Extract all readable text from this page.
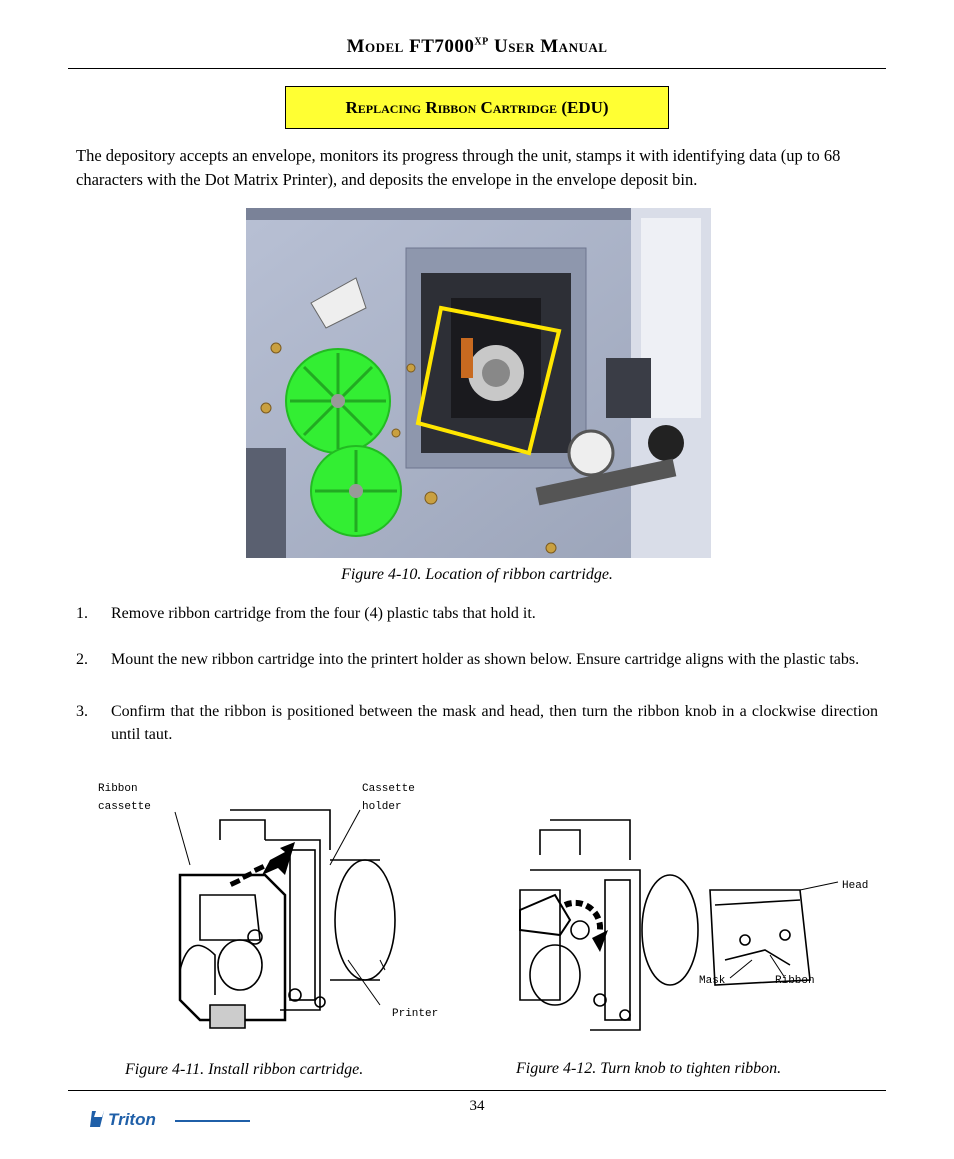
Model $FT7000^{XP}$ User Manual
Replacing Ribbon Cartridge
(EDU)
The depository accepts an envelope, monitors its progress through the unit, stamps it with identifying data (up to 68 characters with the Dot Matrix Printer), and deposits the envelope in the envelope deposit bin.
Figure 4-10. Location of ribbon cartridge.
1. Remove ribbon cartridge from the four (4) plastic tabs that hold it.
2. Mount the new ribbon cartridge into the printert holder as shown below. Ensure cartridge aligns with the plastic tabs.
3. Confirm that the ribbon is positioned between the mask and head, then turn the ribbon knob in a clockwise direction until taut.
Ribbon
cassette
Cassette
holder
Printer
Figure 4-11. Install ribbon cartridge.
Head
Mask	Ribbon
Figure 4-12. Turn knob to tighten ribbon.
34
Triton
